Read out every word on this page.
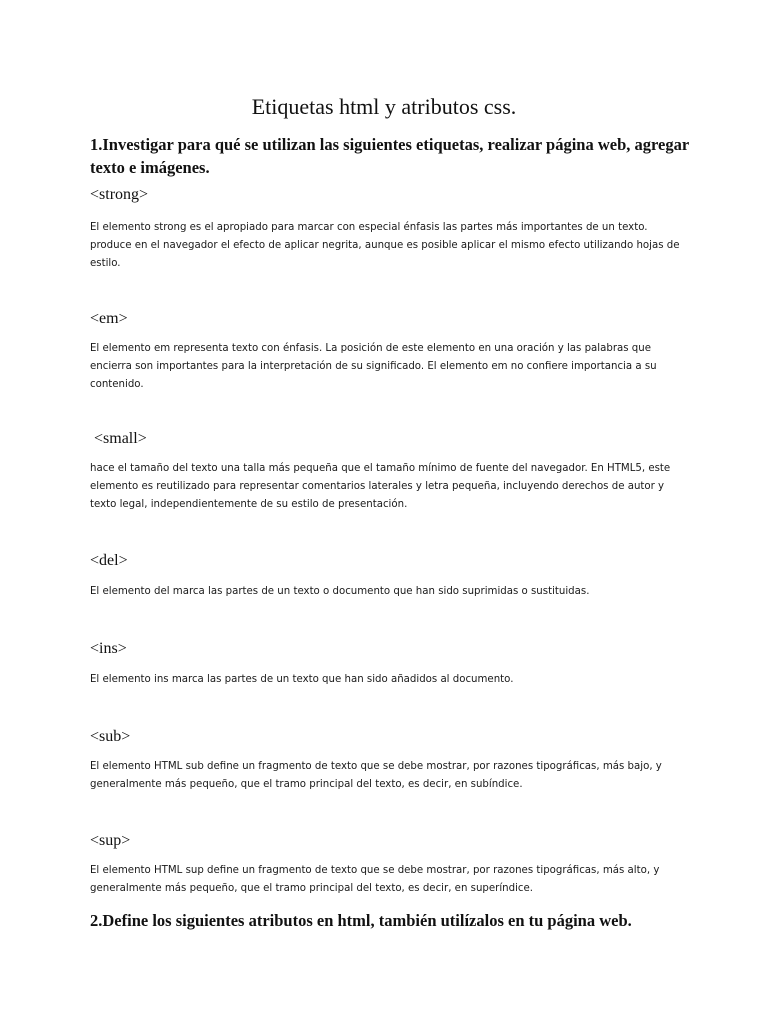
Etiquetas html y atributos css.
1.Investigar para qué se utilizan las siguientes etiquetas, realizar página web, agregar texto e imágenes.
<strong>

El elemento strong es el apropiado para marcar con especial énfasis las partes más importantes de un texto. produce en el navegador el efecto de aplicar negrita, aunque es posible aplicar el mismo efecto utilizando hojas de estilo.

<em>

El elemento em representa texto con énfasis. La posición de este elemento en una oración y las palabras que encierra son importantes para la interpretación de su significado. El elemento em no confiere importancia a su contenido.

<small>

hace el tamaño del texto una talla más pequeña que el tamaño mínimo de fuente del navegador. En HTML5, este elemento es reutilizado para representar comentarios laterales y letra pequeña, incluyendo derechos de autor y texto legal, independientemente de su estilo de presentación.

<del>

El elemento del marca las partes de un texto o documento que han sido suprimidas o sustituidas.

<ins>

El elemento ins marca las partes de un texto que han sido añadidos al documento.

<sub>

El elemento HTML sub define un fragmento de texto que se debe mostrar, por razones tipográficas, más bajo, y generalmente más pequeño, que el tramo principal del texto, es decir, en subíndice.

<sup>

El elemento HTML sup define un fragmento de texto que se debe mostrar, por razones tipográficas, más alto, y generalmente más pequeño, que el tramo principal del texto, es decir, en superíndice.

2.Define los siguientes atributos en html, también utilízalos en tu página web.
